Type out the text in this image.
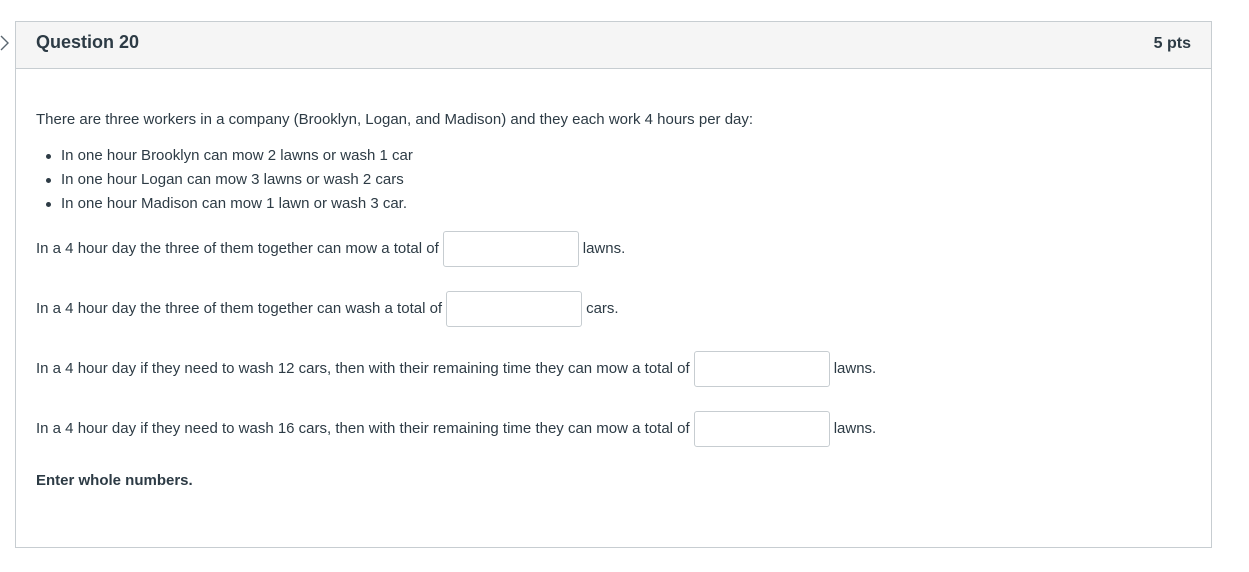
Question 20	5 pts
There are three workers in a company (Brooklyn, Logan, and Madison) and they each work 4 hours per day:
In one hour Brooklyn can mow 2 lawns or wash 1 car
In one hour Logan can mow 3 lawns or wash 2 cars
In one hour Madison can mow 1 lawn or wash 3 car.
In a 4 hour day the three of them together can mow a total of	lawns.
In a 4 hour day the three of them together can wash a total of	cars.
In a 4 hour day if they need to wash 12 cars, then with their remaining time they can mow a total of	lawns.
In a 4 hour day if they need to wash 16 cars, then with their remaining time they can mow a total of	lawns.
Enter whole numbers.
